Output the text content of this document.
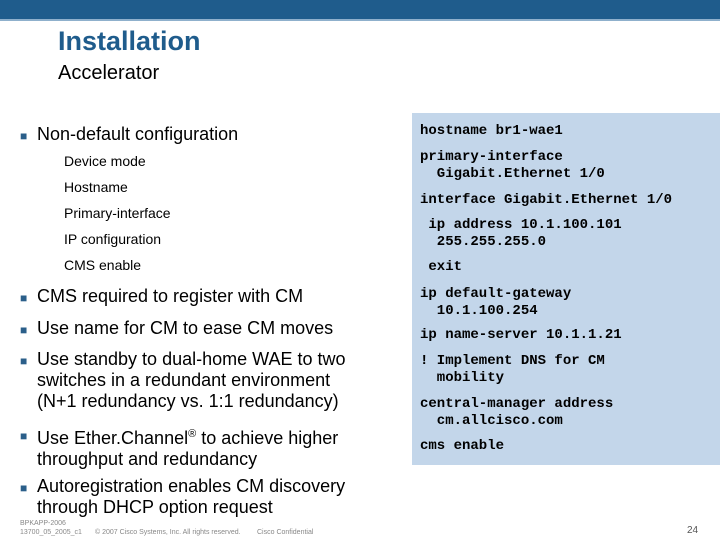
Installation
Accelerator
■ Non-default configuration
Device mode
Hostname
Primary-interface
IP configuration
CMS enable
■ CMS required to register with CM
■ Use name for CM to ease CM moves
■ Use standby to dual-home WAE to two
switches in a redundant environment
(N+1 redundancy vs. 1:1 redundancy)
■ Use Ether.Channel® to achieve higher
throughput and redundancy
■ Autoregistration enables CM discovery
through DHCP option request
hostname br1-wae1
primary-interface
Gigabit.Ethernet 1/0
interface Gigabit.Ethernet 1/0
ip address 10.1.100.101
255.255.255.0
exit
ip default-gateway
10.1.100.254
ip name-server 10.1.1.21
! Implement DNS for CM
mobility
central-manager address
cm.allcisco.com
cms enable
BPKAPP-2006
13700_05_2005_c1 © 2007 Cisco Systems, Inc. All rights reserved. Cisco Confidential	24
